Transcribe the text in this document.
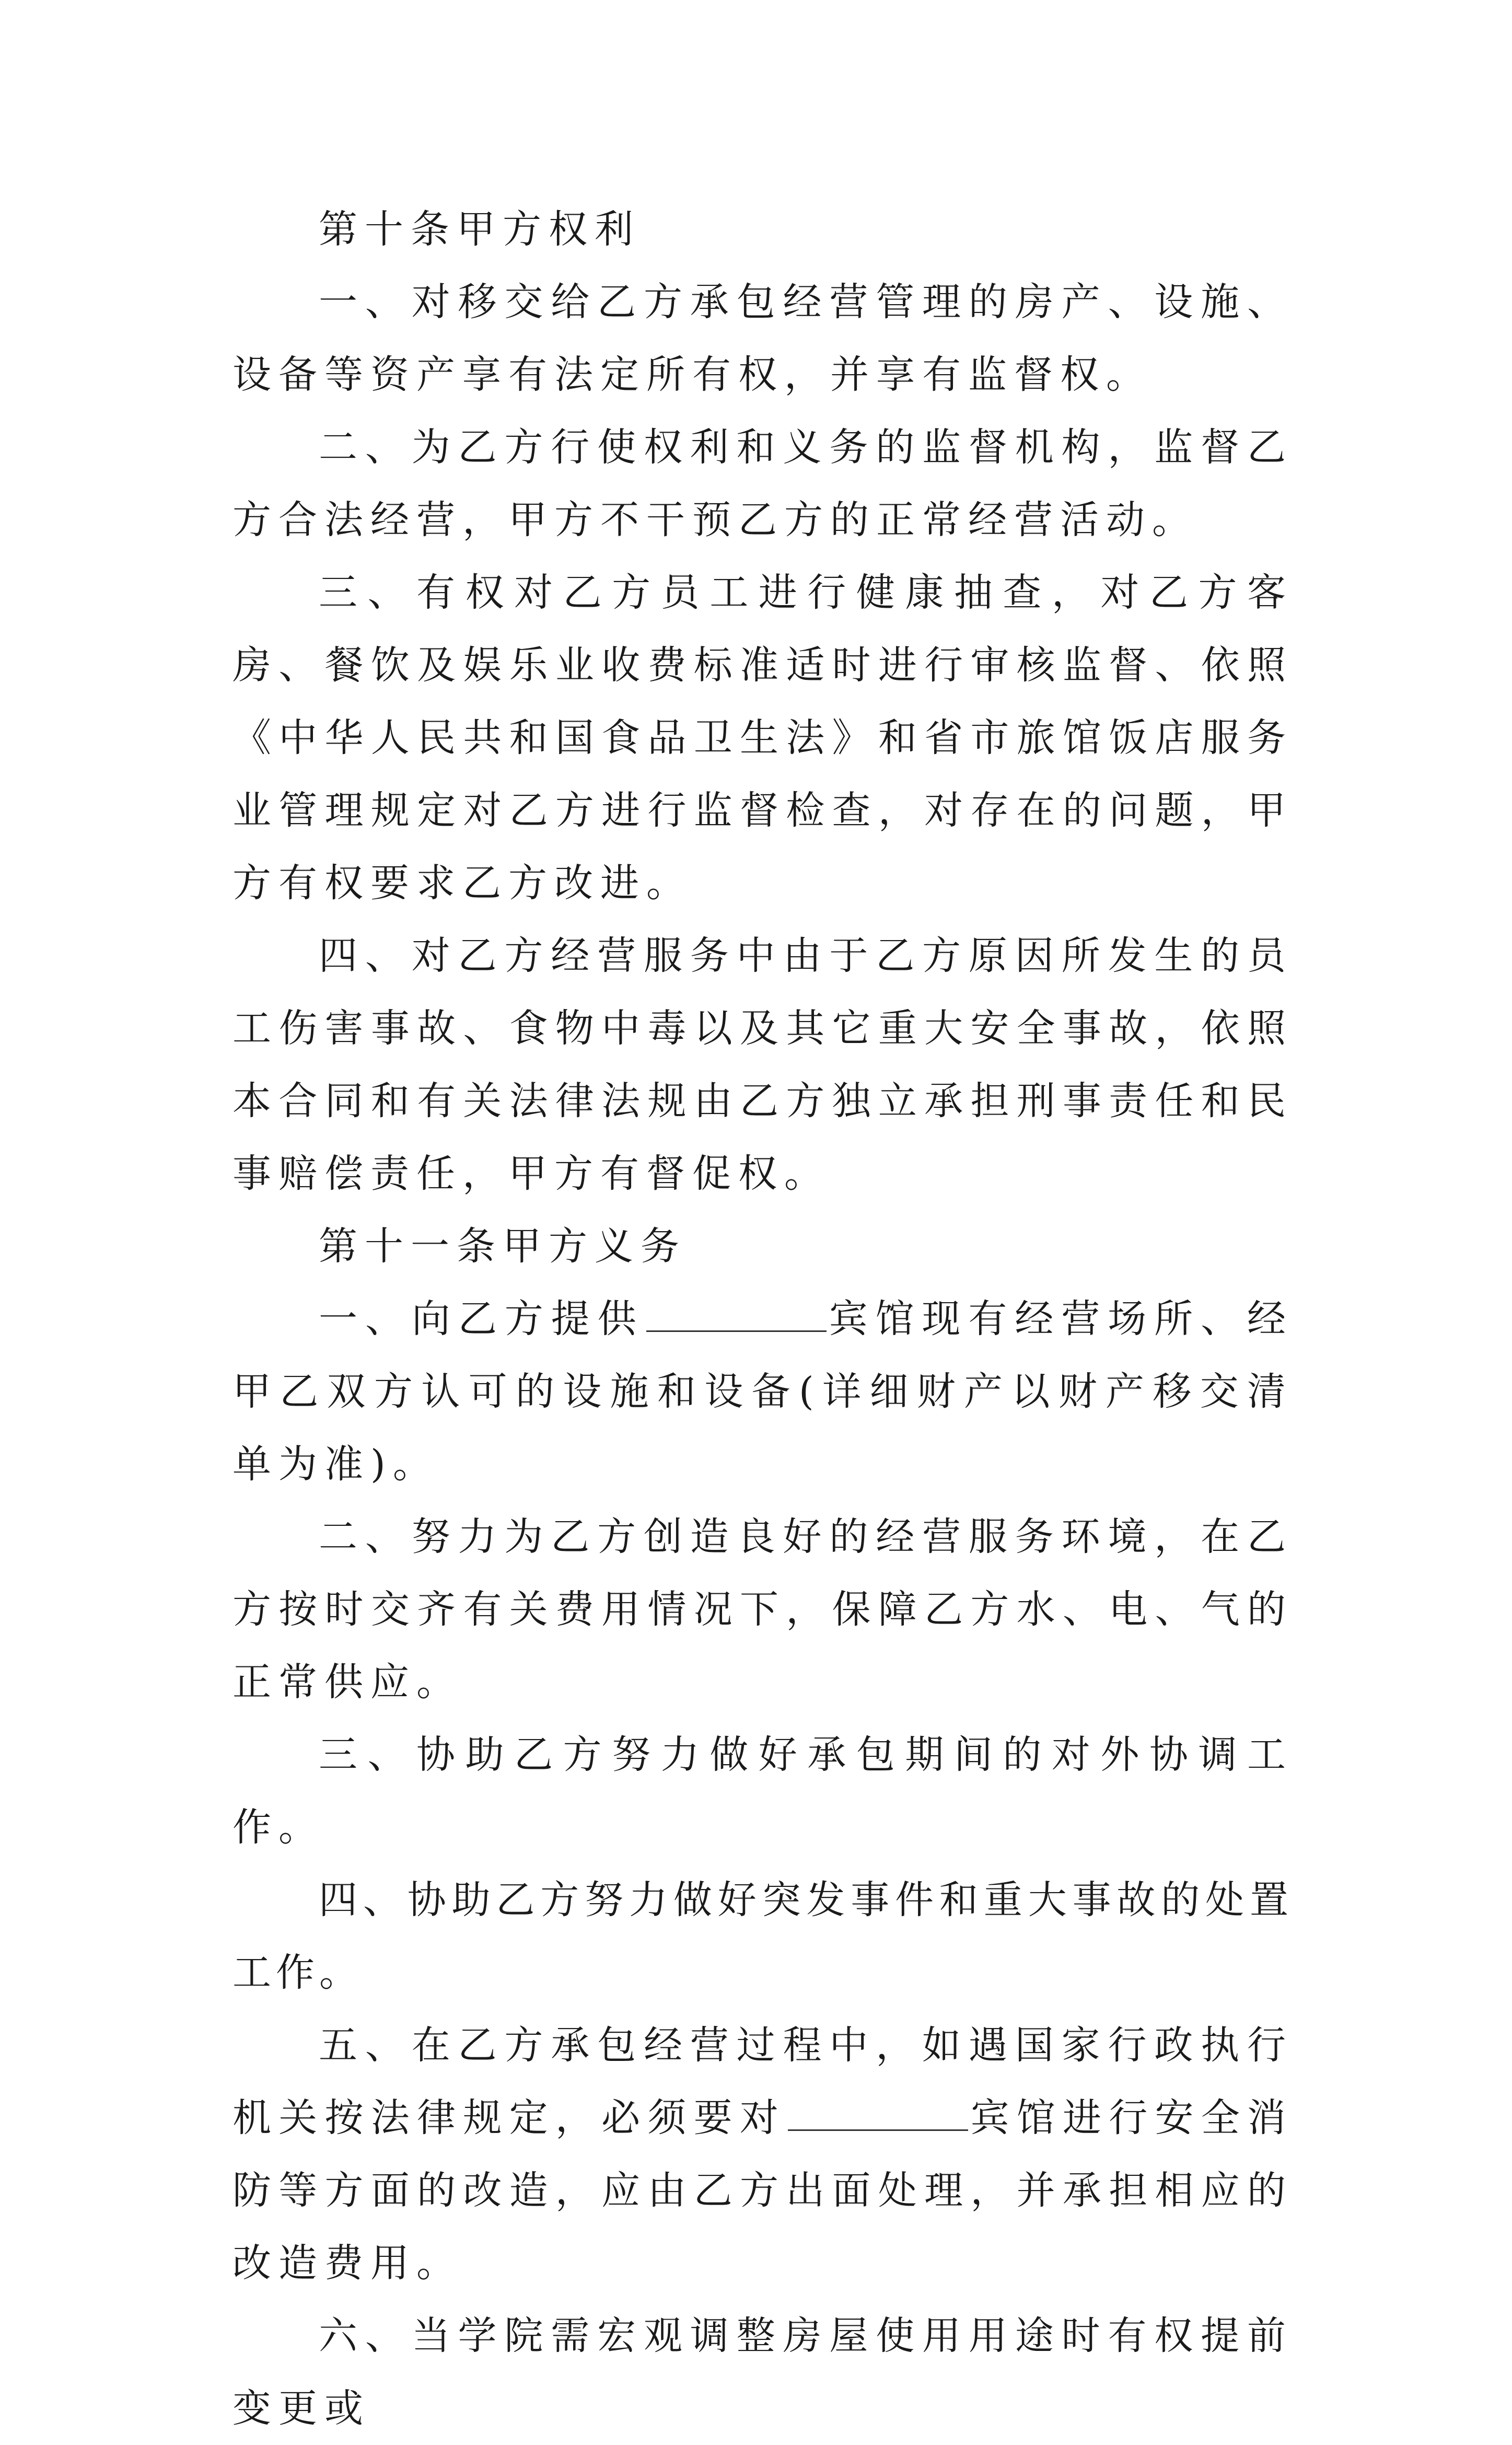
第十条甲方权利

一、对移交给乙方承包经营管理的房产、设施、设备等资产享有法定所有权，并享有监督权。

二、为乙方行使权利和义务的监督机构，监督乙方合法经营，甲方不干预乙方的正常经营活动。

三、有权对乙方员工进行健康抽查，对乙方客房、餐饮及娱乐业收费标准适时进行审核监督、依照《中华人民共和国食品卫生法》和省市旅馆饭店服务业管理规定对乙方进行监督检查，对存在的问题，甲方有权要求乙方改进。

四、对乙方经营服务中由于乙方原因所发生的员工伤害事故、食物中毒以及其它重大安全事故，依照本合同和有关法律法规由乙方独立承担刑事责任和民事赔偿责任，甲方有督促权。

第十一条甲方义务

一、向乙方提供	宾馆现有经营场所、经甲乙双方认可的设施和设备(详细财产以财产移交清单为准)。

二、努力为乙方创造良好的经营服务环境，在乙方按时交齐有关费用情况下，保障乙方水、电、气的正常供应。

三、协助乙方努力做好承包期间的对外协调工作。

四、协助乙方努力做好突发事件和重大事故的处置工作。

五、在乙方承包经营过程中，如遇国家行政执行机关按法律规定，必须要对	宾馆进行安全消防等方面的改造，应由乙方出面处理，并承担相应的改造费用。

六、当学院需宏观调整房屋使用用途时有权提前变更或
